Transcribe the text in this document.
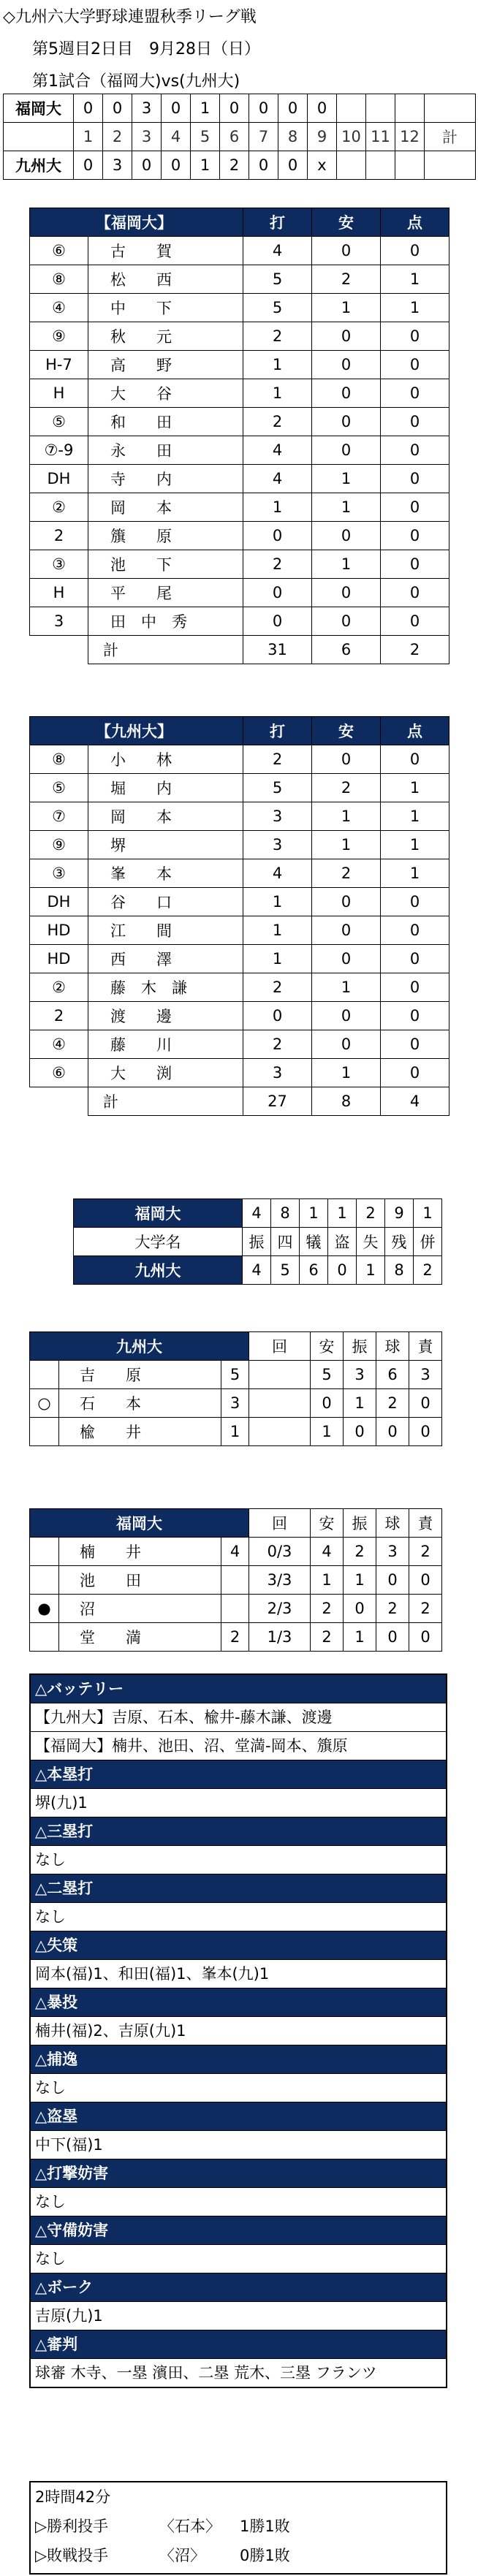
◇九州六大学野球連盟秋季リーグ戦
第5週目2日目　9月28日（日）
第1試合（福岡大)vs(九州大)
福岡大	0	0	3	0	1	0	0	0	0					
	1	2	3	4	5	6	7	8	9	10	11	12	計	
九州大	0	3	0	0	1	2	0	0	x					
【福岡大】		打	安	点
⑥	古　　賀	4	0	0
⑧	松　　西	5	2	1
④	中　　下	5	1	1
⑨	秋　　元	2	0	0
H-7	高　　野	1	0	0
H	大　　谷	1	0	0
⑤	和　　田	2	0	0
⑦-9	永　　田	4	0	0
DH	寺　　内	4	1	0
②	岡　　本	1	1	0
2	籏　　原	0	0	0
③	池　　下	2	1	0
H	平　　尾	0	0	0
3	田　中　秀	0	0	0
	計	31	6	2
【九州大】		打	安	点
⑧	小　　林	2	0	0
⑤	堀　　内	5	2	1
⑦	岡　　本	3	1	1
⑨	堺	3	1	1
③	峯　　本	4	2	1
DH	谷　　口	1	0	0
HD	江　　間	1	0	0
HD	西　　澤	1	0	0
②	藤　木　謙	2	1	0
2	渡　　邊	0	0	0
④	藤　　川	2	0	0
⑥	大　　渕	3	1	0
	計	27	8	4
福岡大	4	8	1	1	2	9	1
大学名	振	四	犠	盗	失	残	併
九州大	4	5	6	0	1	8	2
九州大			回	安	振	球	責
	吉　　原	5		5	3	6	3
○	石　　本	3		0	1	2	0
	楡　　井	1		1	0	0	0
福岡大			回	安	振	球	責
	楠　　井	4	0/3	4	2	3	2
	池　　田		3/3	1	1	0	0
●	沼		2/3	2	0	2	2
	堂　　満	2	1/3	2	1	0	0
△バッテリー
【九州大】吉原、石本、楡井-藤木謙、渡邊
【福岡大】楠井、池田、沼、堂満-岡本、籏原
△本塁打
堺(九)1
△三塁打
なし
△二塁打
なし
△失策
岡本(福)1、和田(福)1、峯本(九)1
△暴投
楠井(福)2、吉原(九)1
△捕逸
なし
△盗塁
中下(福)1
△打撃妨害
なし
△守備妨害
なし
△ボーク
吉原(九)1
△審判
球審 木寺、一塁 濱田、二塁 荒木、三塁 フランツ
2時間42分
▷勝利投手	〈石本〉	1勝1敗
▷敗戦投手	〈沼〉	0勝1敗
